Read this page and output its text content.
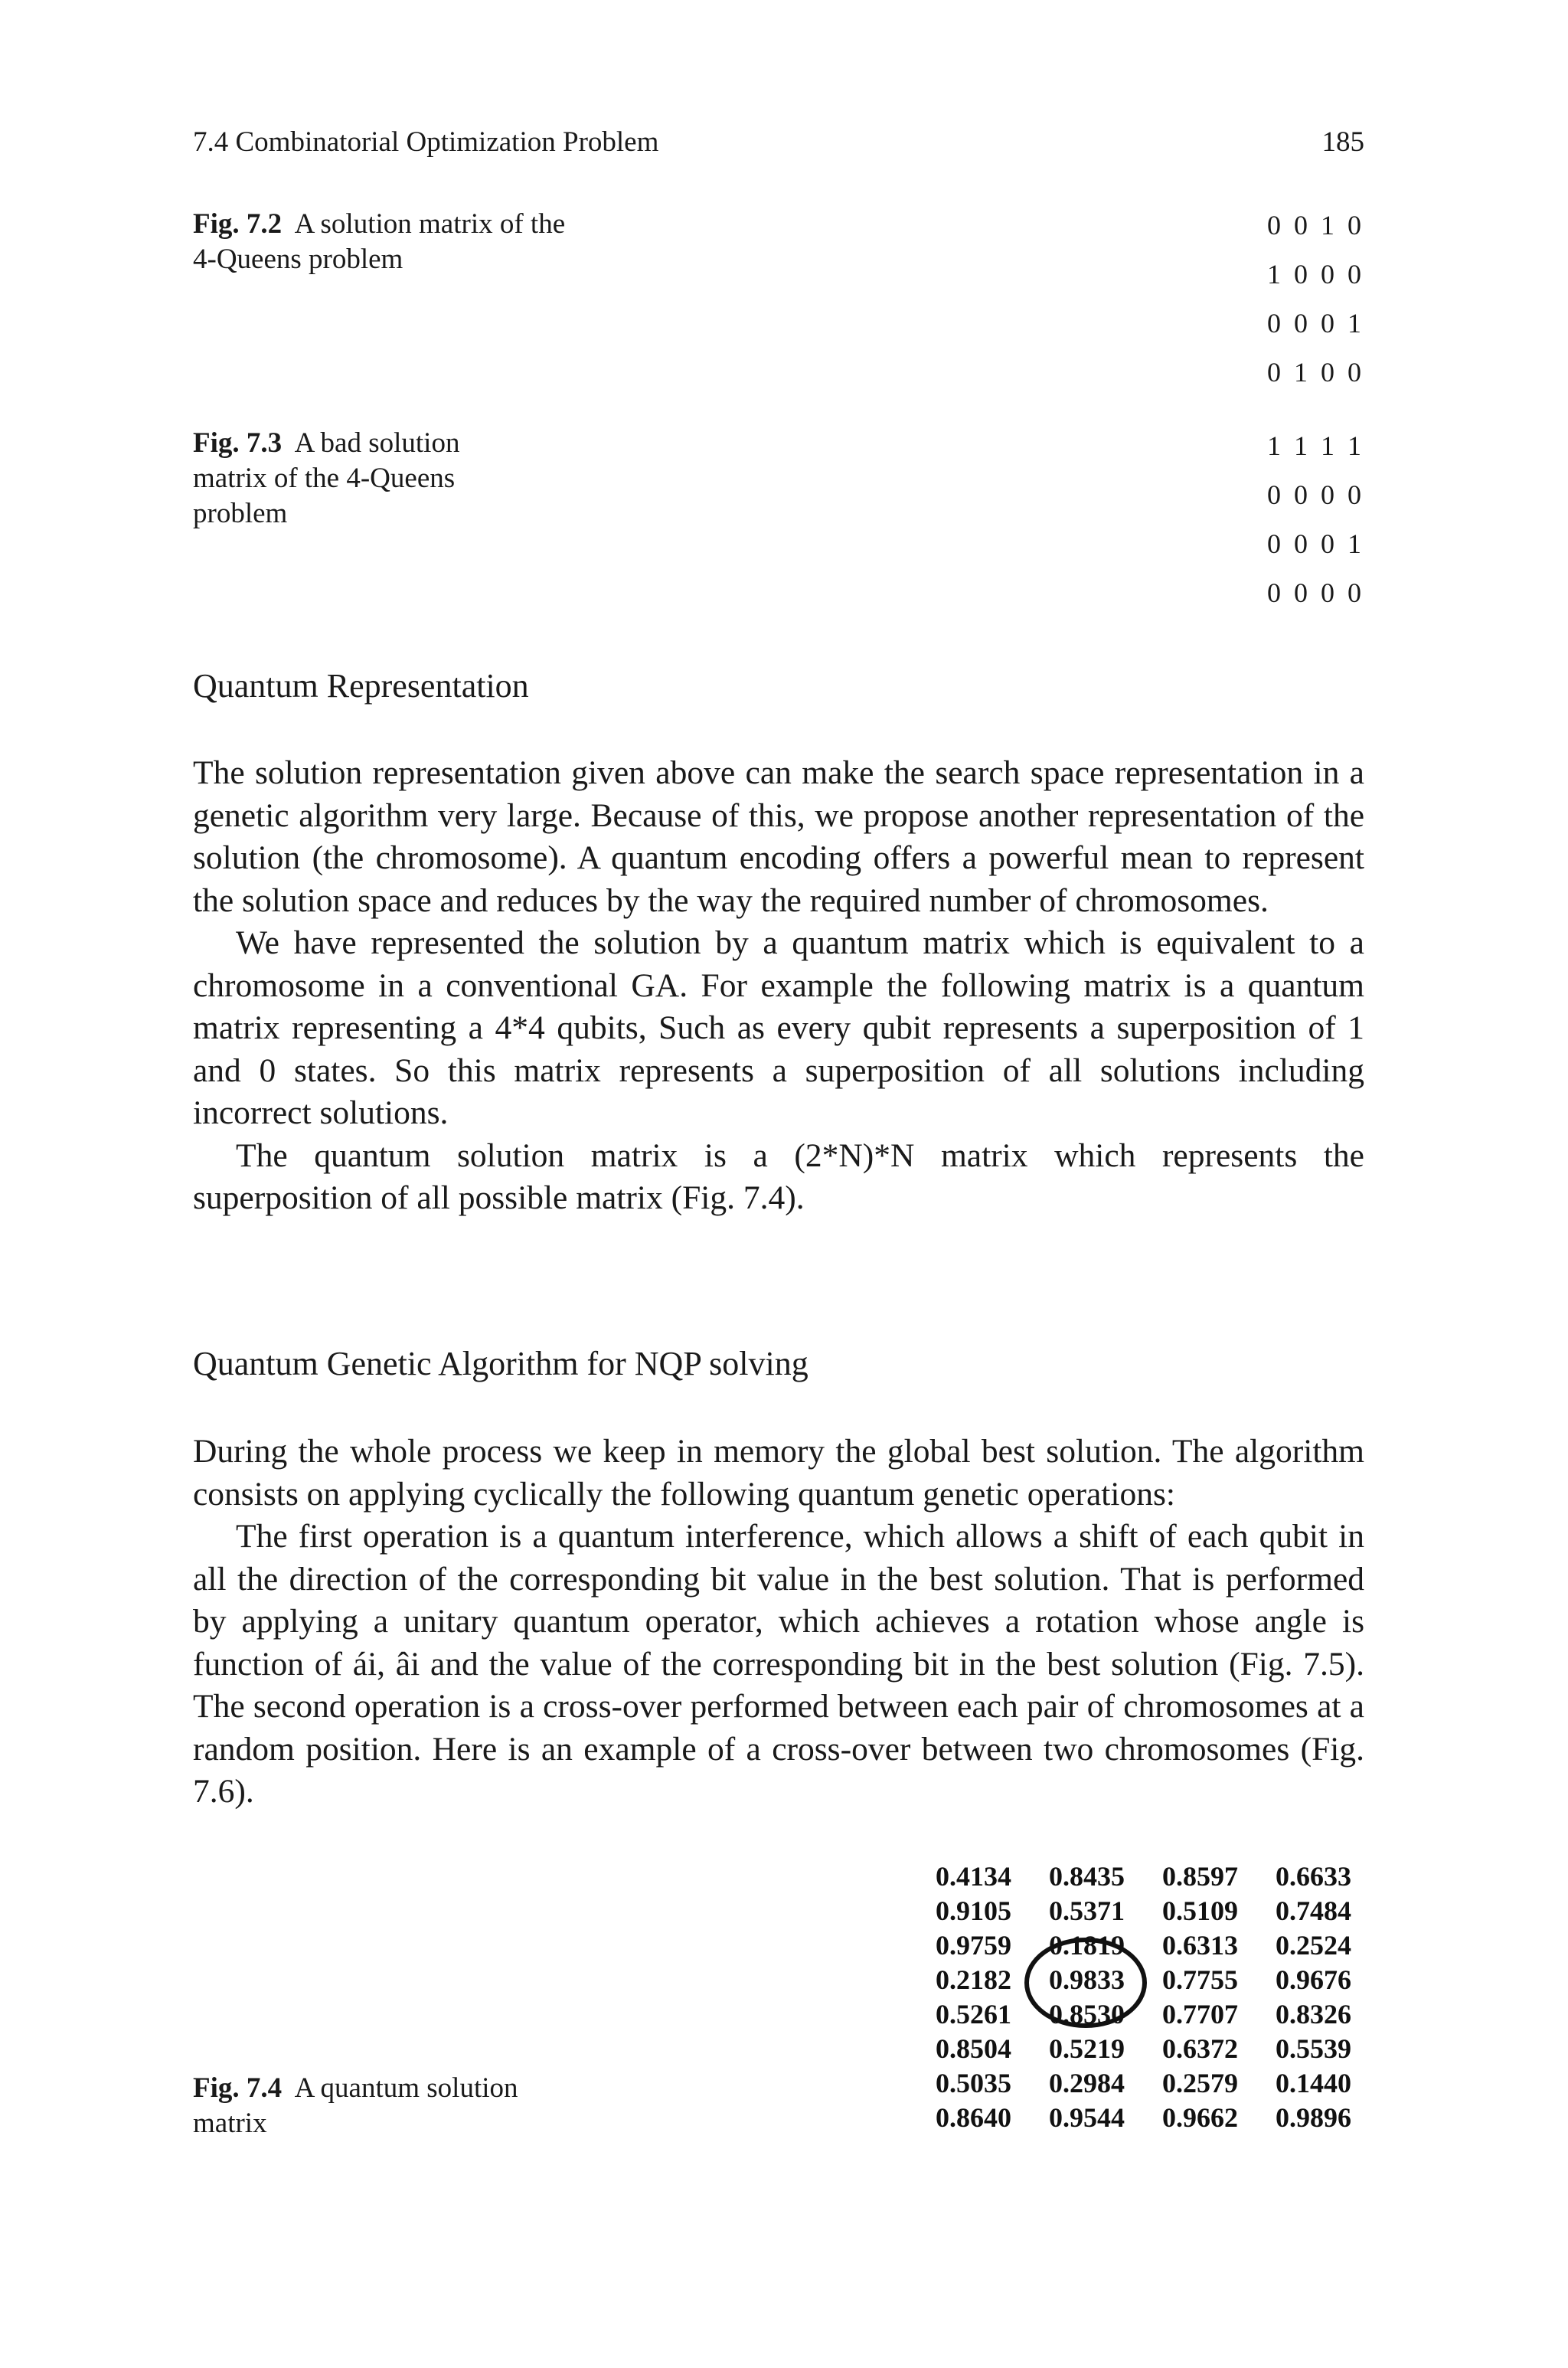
7.4 Combinatorial Optimization Problem	185
Fig. 7.2 A solution matrix of the 4-Queens problem
0 0 1 0
1 0 0 0
0 0 0 1
0 1 0 0
Fig. 7.3 A bad solution matrix of the 4-Queens problem
1 1 1 1
0 0 0 0
0 0 0 1
0 0 0 0
Quantum Representation

The solution representation given above can make the search space representation in a genetic algorithm very large. Because of this, we propose another representation of the solution (the chromosome). A quantum encoding offers a powerful mean to represent the solution space and reduces by the way the required number of chromosomes.

We have represented the solution by a quantum matrix which is equivalent to a chromosome in a conventional GA. For example the following matrix is a quantum matrix representing a 4*4 qubits, Such as every qubit represents a superposition of 1 and 0 states. So this matrix represents a superposition of all solutions including incorrect solutions.

The quantum solution matrix is a (2*N)*N matrix which represents the superposition of all possible matrix (Fig. 7.4).

Quantum Genetic Algorithm for NQP solving

During the whole process we keep in memory the global best solution. The algorithm consists on applying cyclically the following quantum genetic operations:

The first operation is a quantum interference, which allows a shift of each qubit in all the direction of the corresponding bit value in the best solution. That is performed by applying a unitary quantum operator, which achieves a rotation whose angle is function of ái, âi and the value of the corresponding bit in the best solution (Fig. 7.5). The second operation is a cross-over performed between each pair of chromosomes at a random position. Here is an example of a cross-over between two chromosomes (Fig. 7.6).

Fig. 7.4 A quantum solution matrix
0.4134	0.8435	0.8597	0.6633
0.9105	0.5371	0.5109	0.7484
0.9759	0.1819	0.6313	0.2524
0.2182	0.9833	0.7755	0.9676
0.5261	0.8530	0.7707	0.8326
0.8504	0.5219	0.6372	0.5539
0.5035	0.2984	0.2579	0.1440
0.8640	0.9544	0.9662	0.9896
